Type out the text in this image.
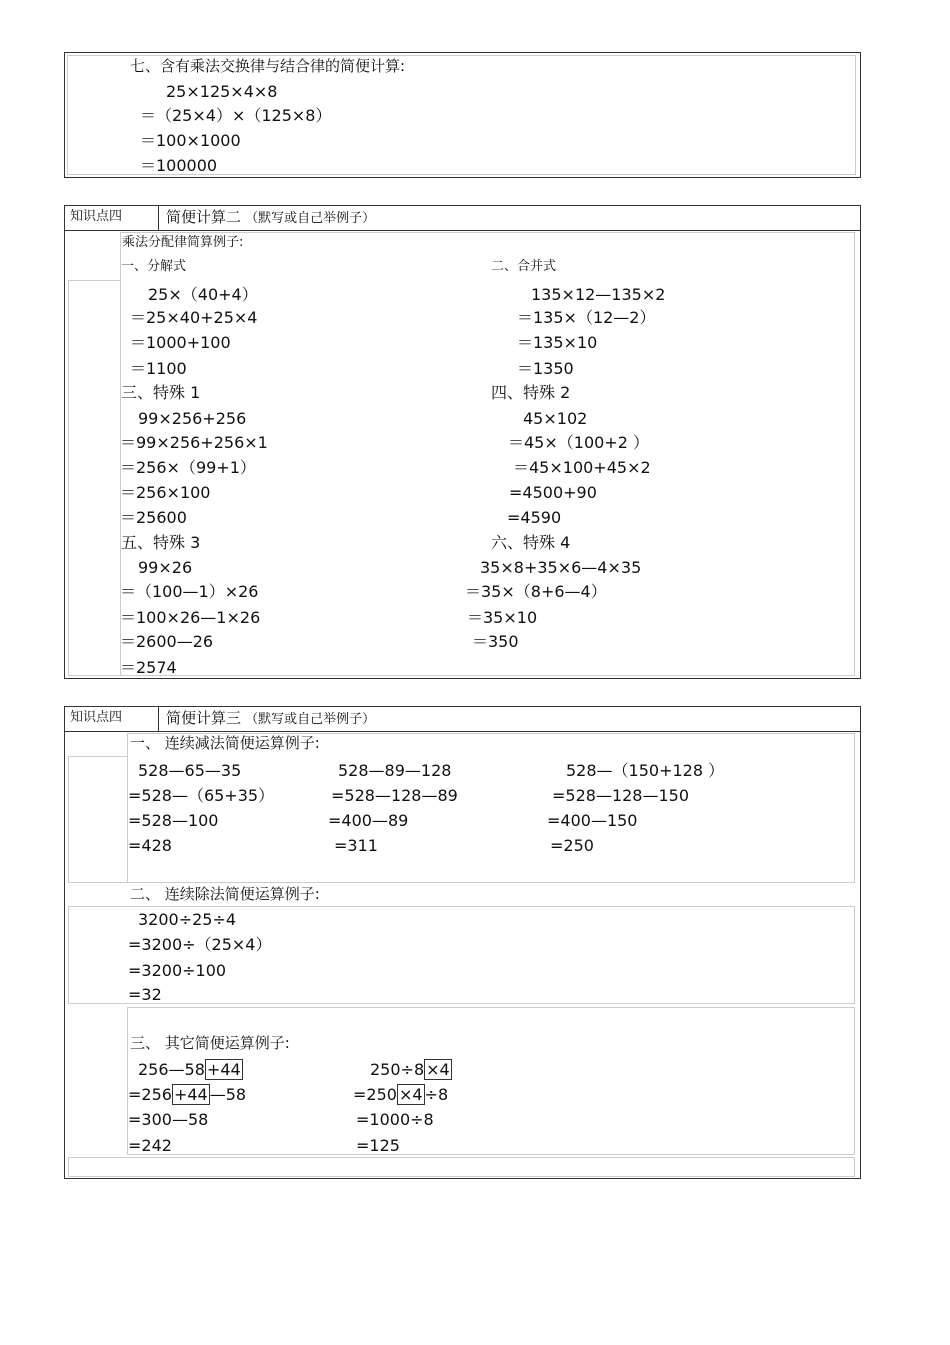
七、含有乘法交换律与结合律的简便计算:
25×125×4×8
＝（25×4）×（125×8）
＝100×1000
＝100000
知识点四	简便计算二 （默写或自己举例子）
乘法分配律简算例子:
一、分解式
25×（40+4）
＝25×40+25×4
＝1000+100
＝1100
三、特殊 1
99×256+256
＝99×256+256×1
＝256×（99+1）
＝256×100
＝25600
五、特殊 3
99×26
＝（100—1）×26
＝100×26—1×26
＝2600—26
＝2574
二、合并式
135×12—135×2
＝135×（12—2）
＝135×10
＝1350
四、特殊 2
45×102
＝45×（100+2 ）
＝45×100+45×2
=4500+90
=4590
六、特殊 4
35×8+35×6—4×35
＝35×（8+6—4）
＝35×10
＝350
知识点四	简便计算三 （默写或自己举例子）
一、 连续减法简便运算例子:
528—65—35
=528—（65+35）
=528—100
=428
528—89—128
=528—128—89
=400—89
=311
528—（150+128 ）
=528—128—150
=400—150
=250
二、 连续除法简便运算例子:
3200÷25÷4
=3200÷（25×4）
=3200÷100
=32
三、 其它简便运算例子:
256—58 +44
=256 +44 —58
=300—58
=242
250÷8 ×4
=250 ×4 ÷8
=1000÷8
=125
